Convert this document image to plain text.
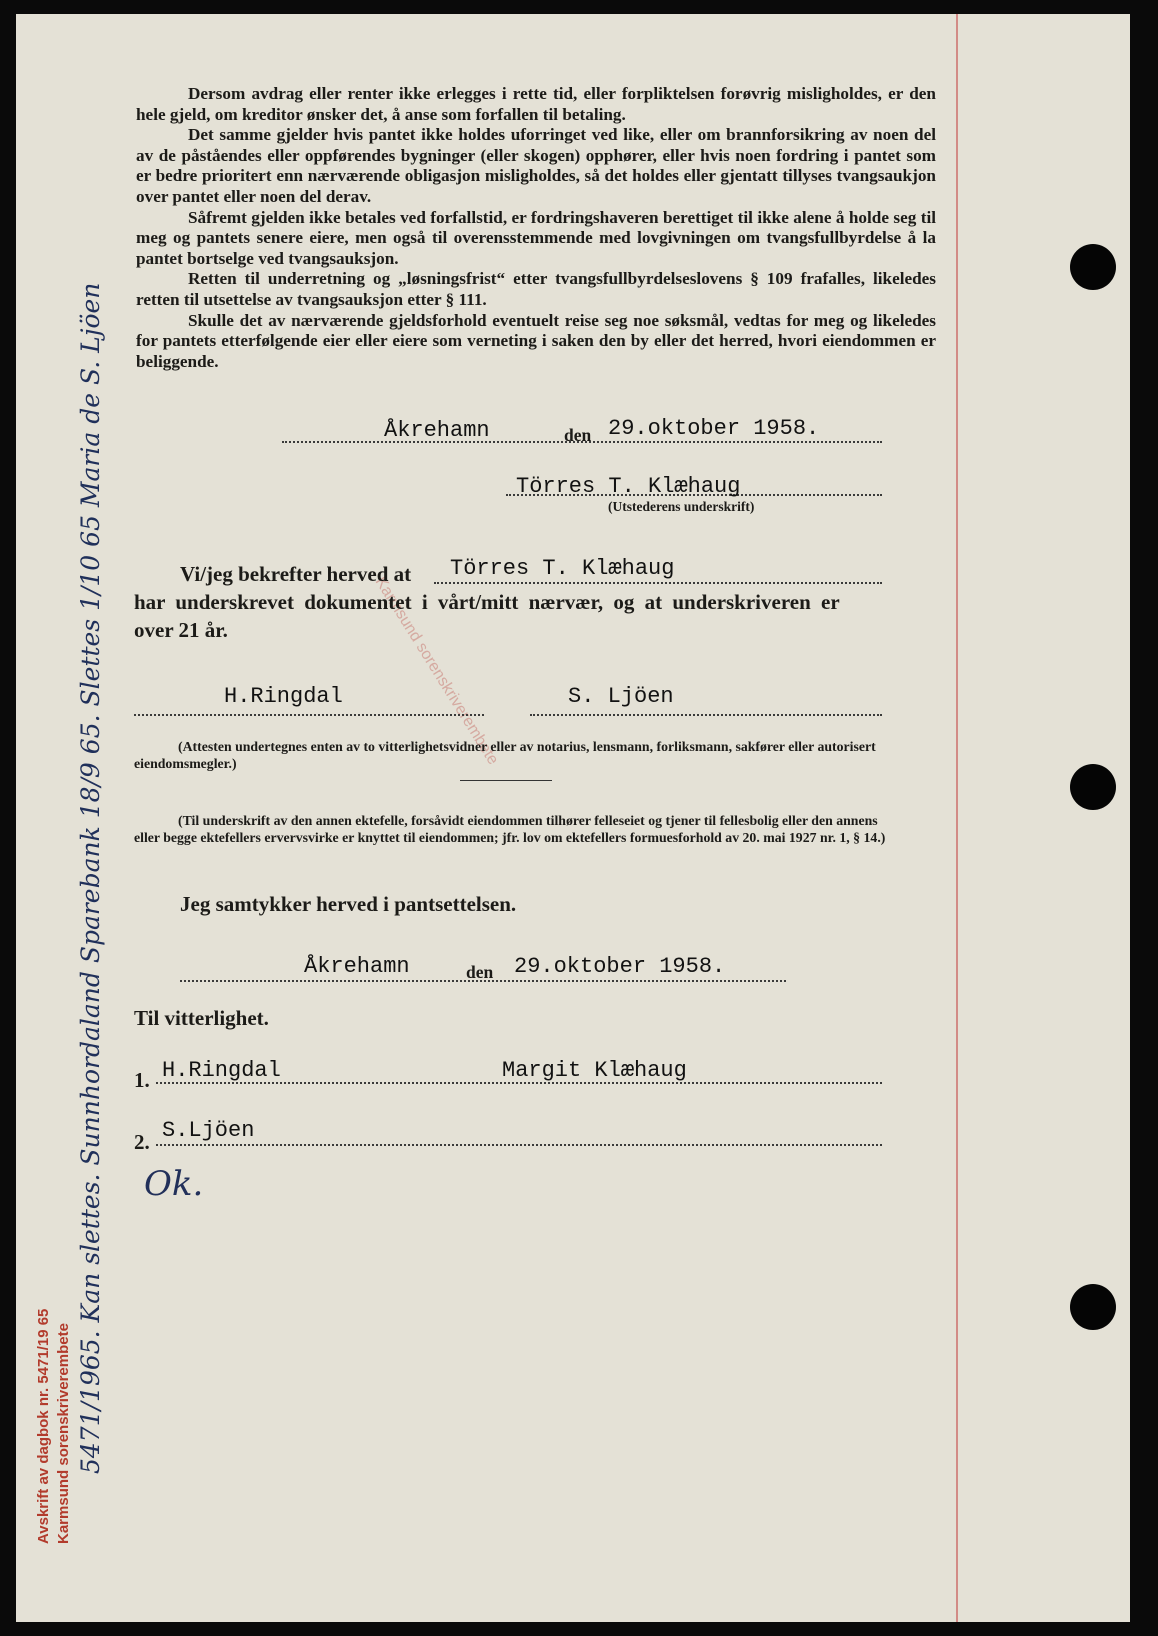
Karmsund sorenskriverembete

Dersom avdrag eller renter ikke erlegges i rette tid, eller forpliktelsen forøvrig misligholdes, er den hele gjeld, om kreditor ønsker det, å anse som forfallen til betaling.

Det samme gjelder hvis pantet ikke holdes uforringet ved like, eller om brannforsikring av noen del av de påståendes eller oppførendes bygninger (eller skogen) opphører, eller hvis noen fordring i pantet som er bedre prioritert enn nærværende obligasjon misligholdes, så det holdes eller gjentatt tillyses tvangsaukjon over pantet eller noen del derav.

Såfremt gjelden ikke betales ved forfallstid, er fordringshaveren berettiget til ikke alene å holde seg til meg og pantets senere eiere, men også til overensstemmende med lovgivningen om tvangsfullbyrdelse å la pantet bortselge ved tvangsauksjon.

Retten til underretning og „løsningsfrist“ etter tvangsfullbyrdelseslovens § 109 frafalles, likeledes retten til utsettelse av tvangsauksjon etter § 111.

Skulle det av nærværende gjeldsforhold eventuelt reise seg noe søksmål, vedtas for meg og likeledes for pantets etterfølgende eier eller eiere som verneting i saken den by eller det herred, hvori eiendommen er beliggende.

Åkrehamn	den 29.oktober 1958.
Törres T. Klæhaug
(Utstederens underskrift)
Vi/jeg bekrefter herved at Törres T. Klæhaug
har underskrevet dokumentet i vårt/mitt nærvær, og at underskriveren er
over 21 år.
H.Ringdal	S. Ljöen
(Attesten undertegnes enten av to vitterlighetsvidner eller av notarius, lensmann, forliksmann, sakfører eller autorisert eiendomsmegler.)
(Til underskrift av den annen ektefelle, forsåvidt eiendommen tilhører felleseiet og tjener til fellesbolig eller den annens eller begge ektefellers ervervsvirke er knyttet til eiendommen; jfr. lov om ektefellers formuesforhold av 20. mai 1927 nr. 1, § 14.)
Jeg samtykker herved i pantsettelsen.
Åkrehamn	den 29.oktober 1958.
Til vitterlighet.
1. H.Ringdal	Margit Klæhaug
2. S.Ljöen
Ok.
5471/1965. Kan slettes. Sunnhordaland Sparebank 18/9 65. Slettes 1/10 65 Maria de S. Ljöen
Avskrift av dagbok nr. 5471/19 65 Karmsund sorenskriverembete
